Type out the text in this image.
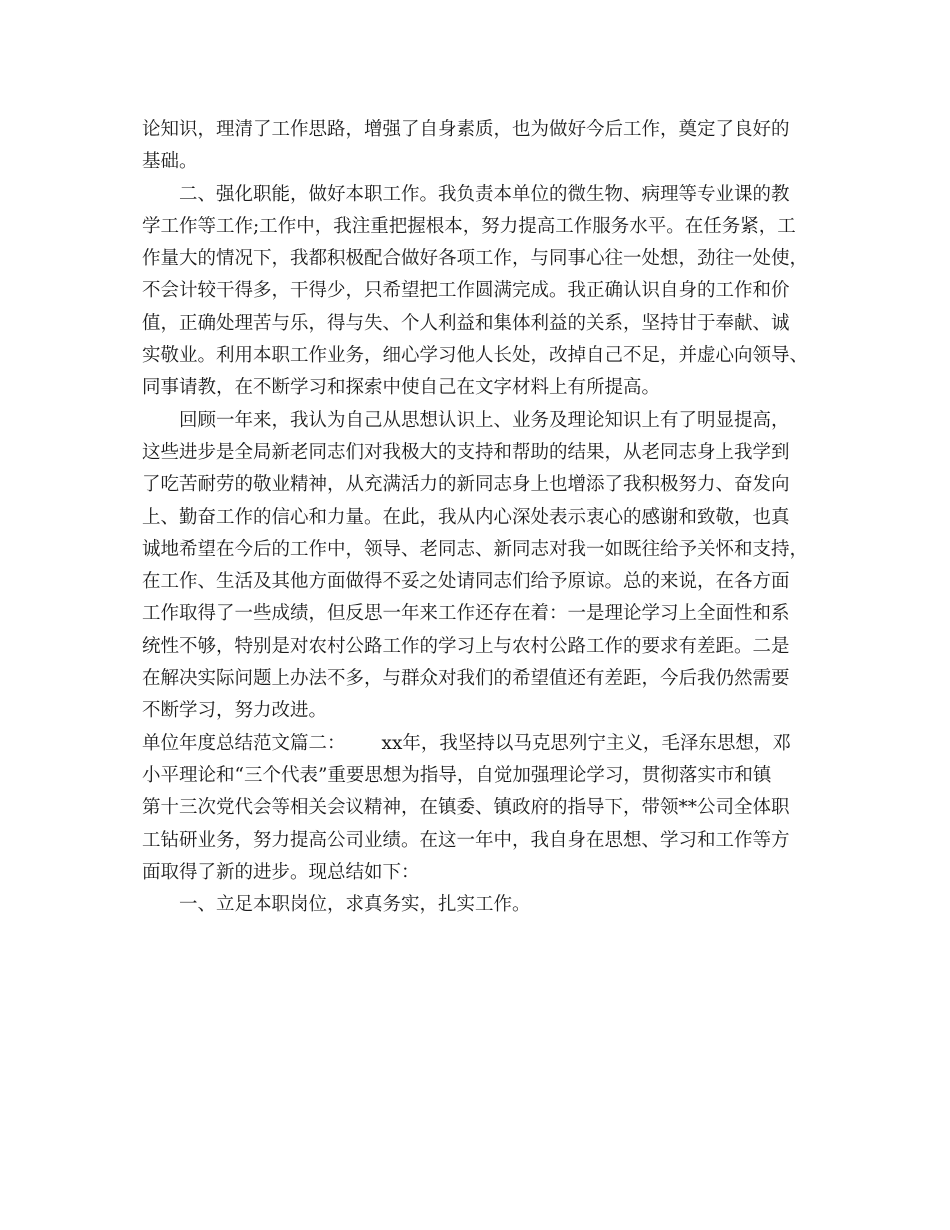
论知识，理清了工作思路，增强了自身素质，也为做好今后工作，奠定了良好的
基础。
二、强化职能，做好本职工作。我负责本单位的微生物、病理等专业课的教
学工作等工作;工作中，我注重把握根本，努力提高工作服务水平。在任务紧，工
作量大的情况下，我都积极配合做好各项工作，与同事心往一处想，劲往一处使，
不会计较干得多，干得少，只希望把工作圆满完成。我正确认识自身的工作和价
值，正确处理苦与乐，得与失、个人利益和集体利益的关系，坚持甘于奉献、诚
实敬业。利用本职工作业务，细心学习他人长处，改掉自己不足，并虚心向领导、
同事请教，在不断学习和探索中使自己在文字材料上有所提高。
回顾一年来，我认为自己从思想认识上、业务及理论知识上有了明显提高，
这些进步是全局新老同志们对我极大的支持和帮助的结果，从老同志身上我学到
了吃苦耐劳的敬业精神，从充满活力的新同志身上也增添了我积极努力、奋发向
上、勤奋工作的信心和力量。在此，我从内心深处表示衷心的感谢和致敬，也真
诚地希望在今后的工作中，领导、老同志、新同志对我一如既往给予关怀和支持，
在工作、生活及其他方面做得不妥之处请同志们给予原谅。总的来说，在各方面
工作取得了一些成绩，但反思一年来工作还存在着：一是理论学习上全面性和系
统性不够，特别是对农村公路工作的学习上与农村公路工作的要求有差距。二是
在解决实际问题上办法不多，与群众对我们的希望值还有差距，今后我仍然需要
不断学习，努力改进。
单位年度总结范文篇二： xx年，我坚持以马克思列宁主义，毛泽东思想，邓
小平理论和“三个代表”重要思想为指导，自觉加强理论学习，贯彻落实市和镇
第十三次党代会等相关会议精神，在镇委、镇政府的指导下，带领**公司全体职
工钻研业务，努力提高公司业绩。在这一年中，我自身在思想、学习和工作等方
面取得了新的进步。现总结如下：
一、立足本职岗位，求真务实，扎实工作。
